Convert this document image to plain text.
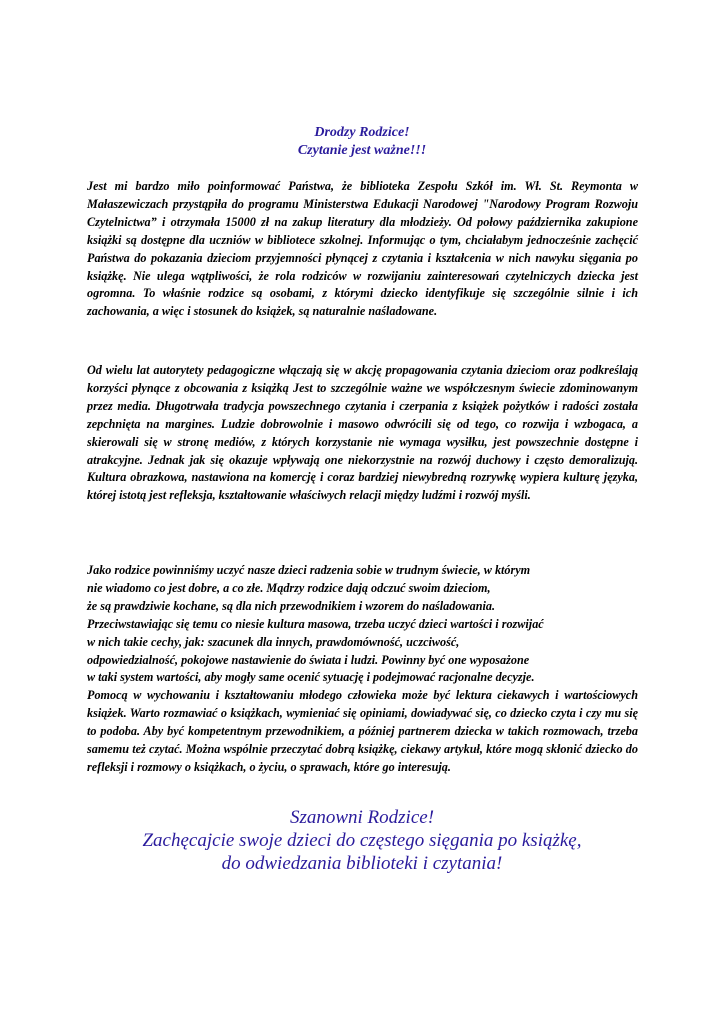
Drodzy Rodzice!
Czytanie jest ważne!!!

Jest mi bardzo miło poinformować Państwa, że biblioteka Zespołu Szkół im. Wł. St. Reymonta w Małaszewiczach przystąpiła do programu Ministerstwa Edukacji Narodowej "Narodowy Program Rozwoju Czytelnictwa” i otrzymała 15000 zł na zakup literatury dla młodzieży. Od połowy października zakupione książki są dostępne dla uczniów w bibliotece szkolnej. Informując o tym, chciałabym jednocześnie zachęcić Państwa do pokazania dzieciom przyjemności płynącej z czytania i kształcenia w nich nawyku sięgania po książkę. Nie ulega wątpliwości, że rola rodziców w rozwijaniu zainteresowań czytelniczych dziecka jest ogromna. To właśnie rodzice są osobami, z którymi dziecko identyfikuje się szczególnie silnie i ich zachowania, a więc i stosunek do książek, są naturalnie naśladowane.

Od wielu lat autorytety pedagogiczne włączają się w akcję propagowania czytania dzieciom oraz podkreślają korzyści płynące z obcowania z książką Jest to szczególnie ważne we współczesnym świecie zdominowanym przez media. Długotrwała tradycja powszechnego czytania i czerpania z książek pożytków i radości została zepchnięta na margines. Ludzie dobrowolnie i masowo odwrócili się od tego, co rozwija i wzbogaca, a skierowali się w stronę mediów, z których korzystanie nie wymaga wysiłku, jest powszechnie dostępne i atrakcyjne. Jednak jak się okazuje wpływają one niekorzystnie na rozwój duchowy i często demoralizują. Kultura obrazkowa, nastawiona na komercję i coraz bardziej niewybredną rozrywkę wypiera kulturę języka, której istotą jest refleksja, kształtowanie właściwych relacji między ludźmi i rozwój myśli.

Jako rodzice powinniśmy uczyć nasze dzieci radzenia sobie w trudnym świecie, w którym
nie wiadomo co jest dobre, a co złe. Mądrzy rodzice dają odczuć swoim dzieciom,
że są prawdziwie kochane, są dla nich przewodnikiem i wzorem do naśladowania.
Przeciwstawiając się temu co niesie kultura masowa, trzeba uczyć dzieci wartości i rozwijać
w nich takie cechy, jak: szacunek dla innych, prawdomówność, uczciwość,
odpowiedzialność, pokojowe nastawienie do świata i ludzi. Powinny być one wyposażone
w taki system wartości, aby mogły same ocenić sytuację i podejmować racjonalne decyzje.

Pomocą w wychowaniu i kształtowaniu młodego człowieka może być lektura ciekawych i wartościowych książek. Warto rozmawiać o książkach, wymieniać się opiniami, dowiadywać się, co dziecko czyta i czy mu się to podoba. Aby być kompetentnym przewodnikiem, a później partnerem dziecka w takich rozmowach, trzeba samemu też czytać. Można wspólnie przeczytać dobrą książkę, ciekawy artykuł, które mogą skłonić dziecko do refleksji i rozmowy o książkach, o życiu, o sprawach, które go interesują.

Szanowni Rodzice!
Zachęcajcie swoje dzieci do częstego sięgania po książkę,
do odwiedzania biblioteki i czytania!
